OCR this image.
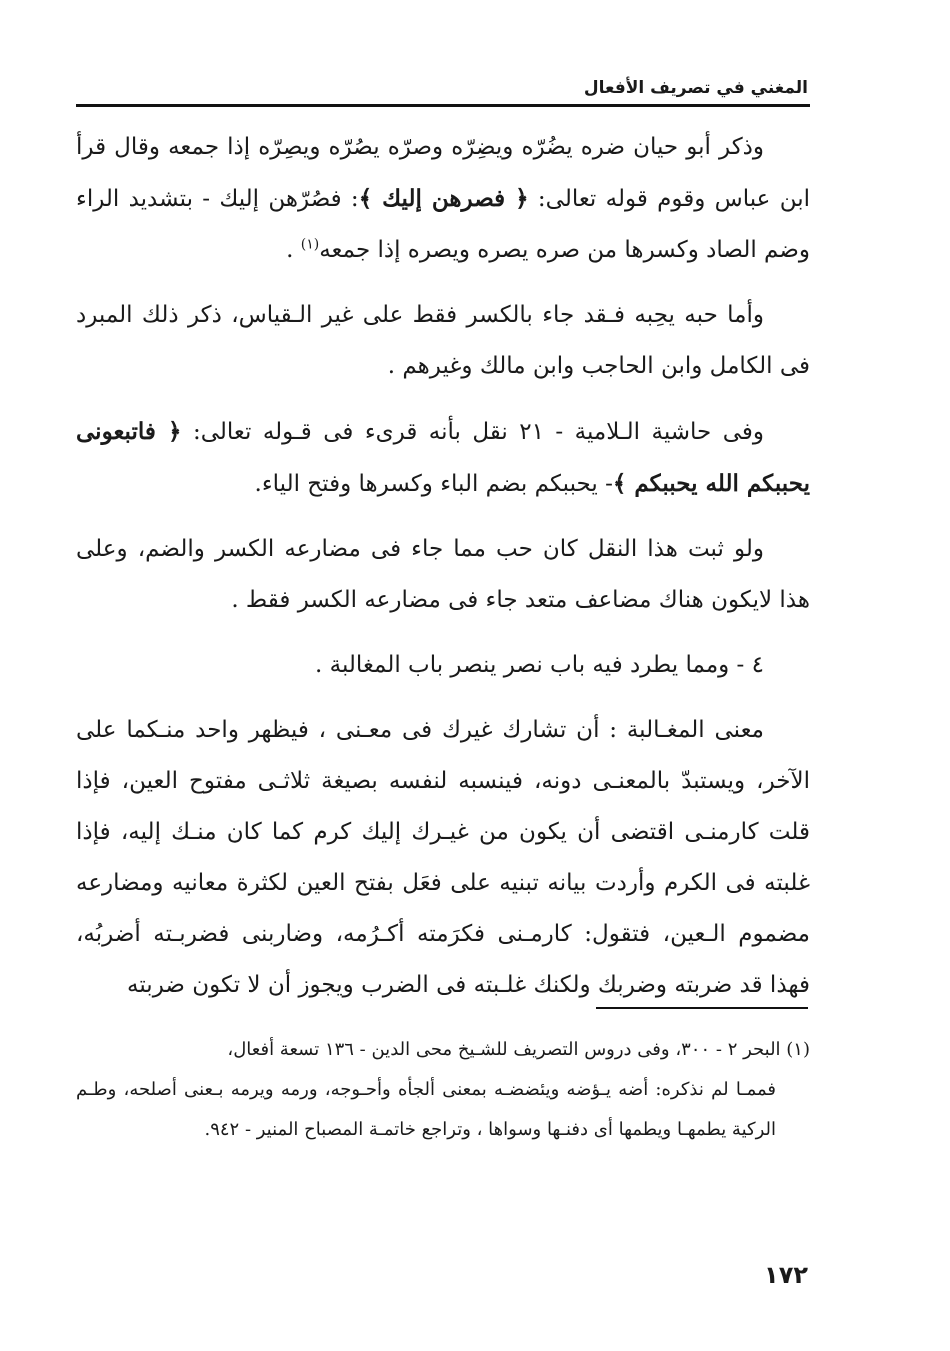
المغني في تصريف الأفعال

وذكر أبو حيان ضره يضُرّه ويضِرّه وصرّه يصُرّه ويصِرّه إذا جمعه وقال قرأ ابن عباس وقوم قوله تعالى: ﴿ فصرهن إليك ﴾: فصُرّهن إليك - بتشديد الراء وضم الصاد وكسرها من صره يصره ويصره إذا جمعه$^{(١)}$ .

وأما حبه يحِبه فـقد جاء بالكسر فقط على غير الـقياس، ذكر ذلك المبرد فى الكامل وابن الحاجب وابن مالك وغيرهم .

وفى حاشية الـلامية - ٢١ نقل بأنه قرىء فى قـوله تعالى: ﴿ فاتبعونى يحببكم الله يحببكم ﴾- يحببكم بضم الباء وكسرها وفتح الياء.

ولو ثبت هذا النقل كان حب مما جاء فى مضارعه الكسر والضم، وعلى هذا لايكون هناك مضاعف متعد جاء فى مضارعه الكسر فقط .

٤ - ومما يطرد فيه باب نصر ينصر باب المغالبة .

معنى المغـالبة : أن تشارك غيرك فى معـنى ، فيظهر واحد منـكما على الآخر، ويستبدّ بالمعنـى دونه، فينسبه لنفسه بصيغة ثلاثـى مفتوح العين، فإذا قلت كارمنـى اقتضى أن يكون من غيـرك إليك كرم كما كان منـك إليه، فإذا غلبته فى الكرم وأردت بيانه تبنيه على فعَل بفتح العين لكثرة معانيه ومضارعه مضموم الـعين، فتقول: كارمـنى فكرَمته أكـرُمه، وضاربنى فضربـته أضربُه، فهذا قد ضربته وضربك ولكنك غلـبته فى الضرب ويجوز أن لا تكون ضربته

(١) البحر ٢ - ٣٠٠، وفى دروس التصريف للشـيخ محى الدين - ١٣٦ تسعة أفعال،
فممـا لم نذكره: أضه يـؤضه ويئضضـه بمعنى ألجأه وأحـوجه، ورمه ويرمه بـعنى أصلحه، وطـم الركية يطمهـا ويطمها أى دفنـها وسواها ، وتراجع خاتمـة المصباح المنير - ٩٤٢.
١٧٢
